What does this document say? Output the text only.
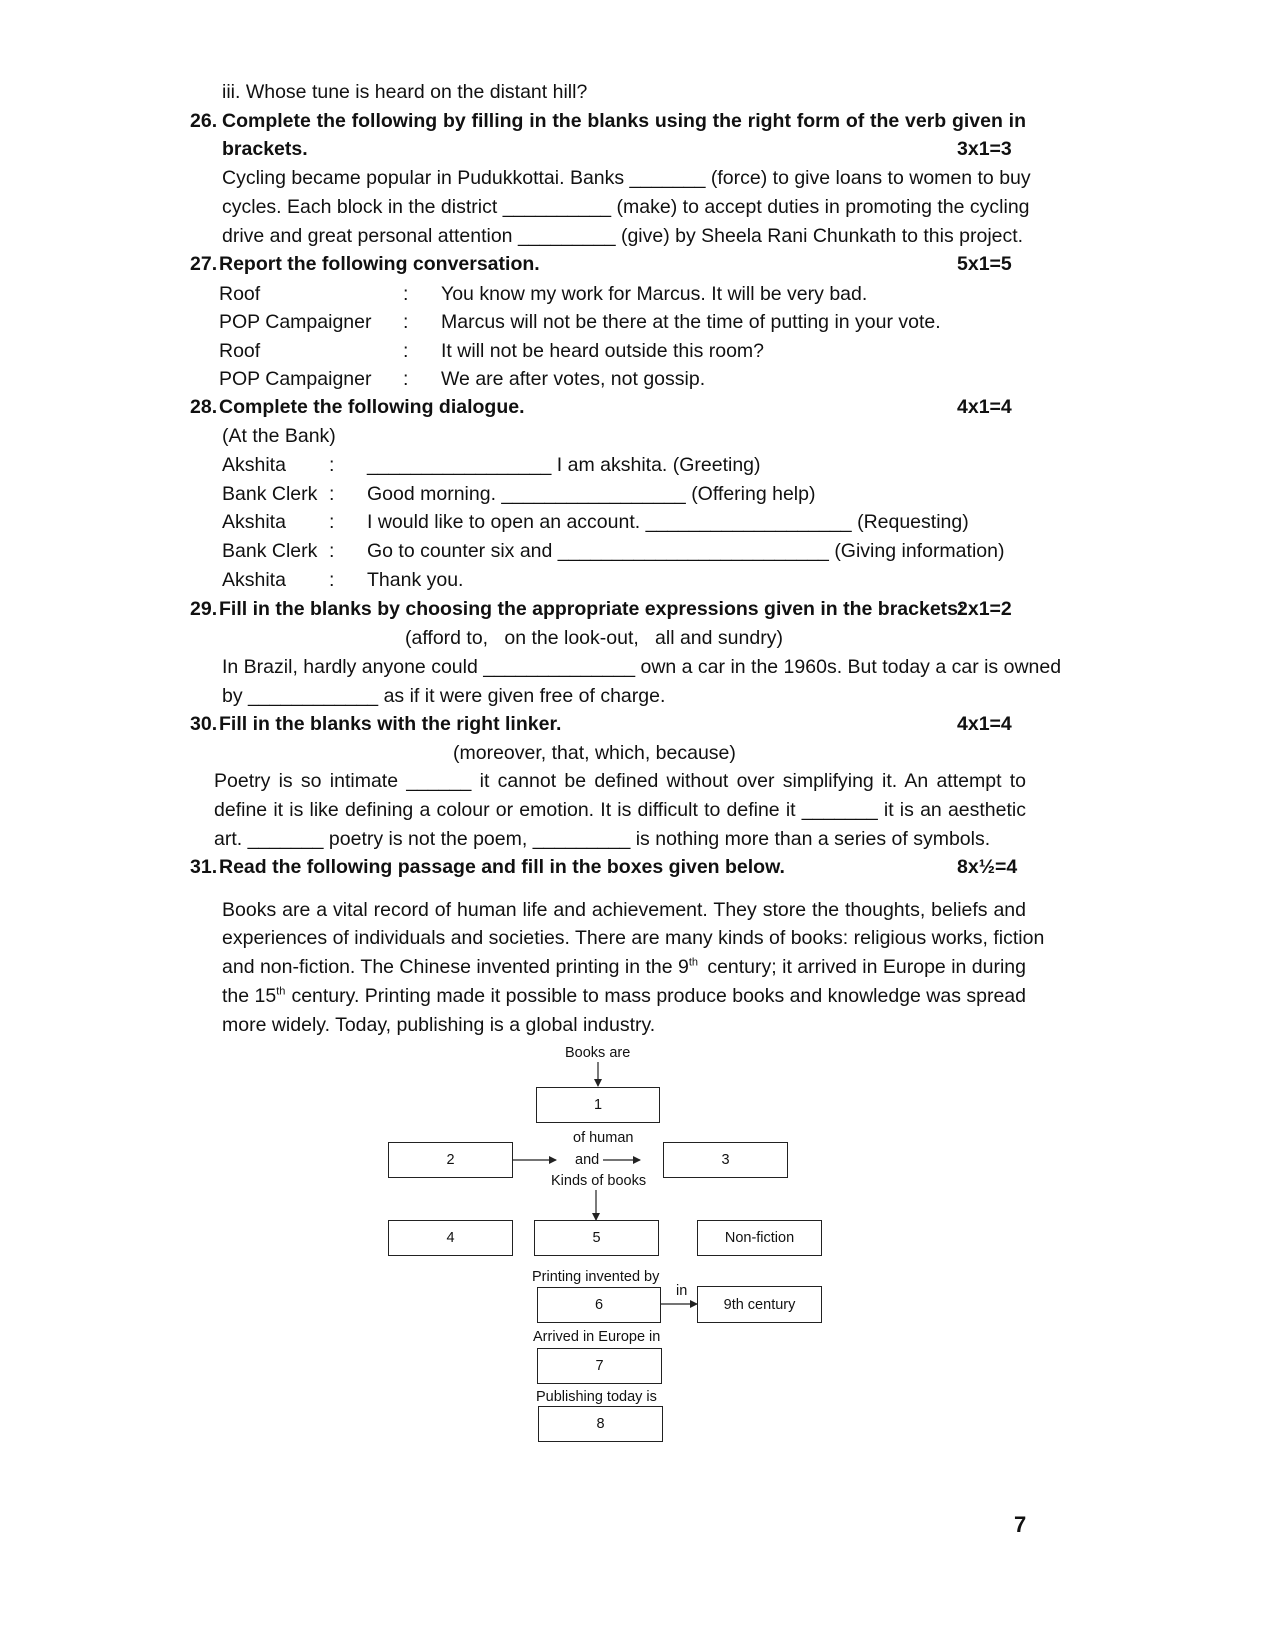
iii. Whose tune is heard on the distant hill?
26. Complete the following by filling in the blanks using the right form of the verb given in
brackets.	3x1=3
Cycling became popular in Pudukkottai. Banks _______ (force) to give loans to women to buy
cycles. Each block in the district __________ (make) to accept duties in promoting the cycling
drive and great personal attention _________ (give) by Sheela Rani Chunkath to this project.
27. Report the following conversation.	5x1=5
Roof	: You know my work for Marcus. It will be very bad.
POP Campaigner : Marcus will not be there at the time of putting in your vote.
Roof	: It will not be heard outside this room?
POP Campaigner : We are after votes, not gossip.
28. Complete the following dialogue.	4x1=4
(At the Bank)
Akshita : _________________ I am akshita. (Greeting)
Bank Clerk : Good morning. _________________ (Offering help)
Akshita : I would like to open an account. ___________________ (Requesting)
Bank Clerk : Go to counter six and _________________________ (Giving information)
Akshita : Thank you.
29. Fill in the blanks by choosing the appropriate expressions given in the brackets:
2x1=2
(afford to,   on the look-out,   all and sundry)
In Brazil, hardly anyone could ______________ own a car in the 1960s. But today a car is owned
by ____________ as if it were given free of charge.
30. Fill in the blanks with the right linker.	4x1=4
(moreover, that, which, because)
Poetry is so intimate ______ it cannot be defined without over simplifying it. An attempt to
define it is like defining a colour or emotion. It is difficult to define it _______ it is an aesthetic
art. _______ poetry is not the poem, _________ is nothing more than a series of symbols.
31. Read the following passage and fill in the boxes given below.	8x½=4
Books are a vital record of human life and achievement. They store the thoughts, beliefs and
experiences of individuals and societies. There are many kinds of books: religious works, fiction
and non-fiction. The Chinese invented printing in the 9th century; it arrived in Europe in during
the 15th century. Printing made it possible to mass produce books and knowledge was spread
more widely. Today, publishing is a global industry.
Books are
1
of human
and
Kinds of books
2	3
4	5	Non-fiction
Printing invented by
in
6	9th century
Arrived in Europe in
7
Publishing today is
8
7
